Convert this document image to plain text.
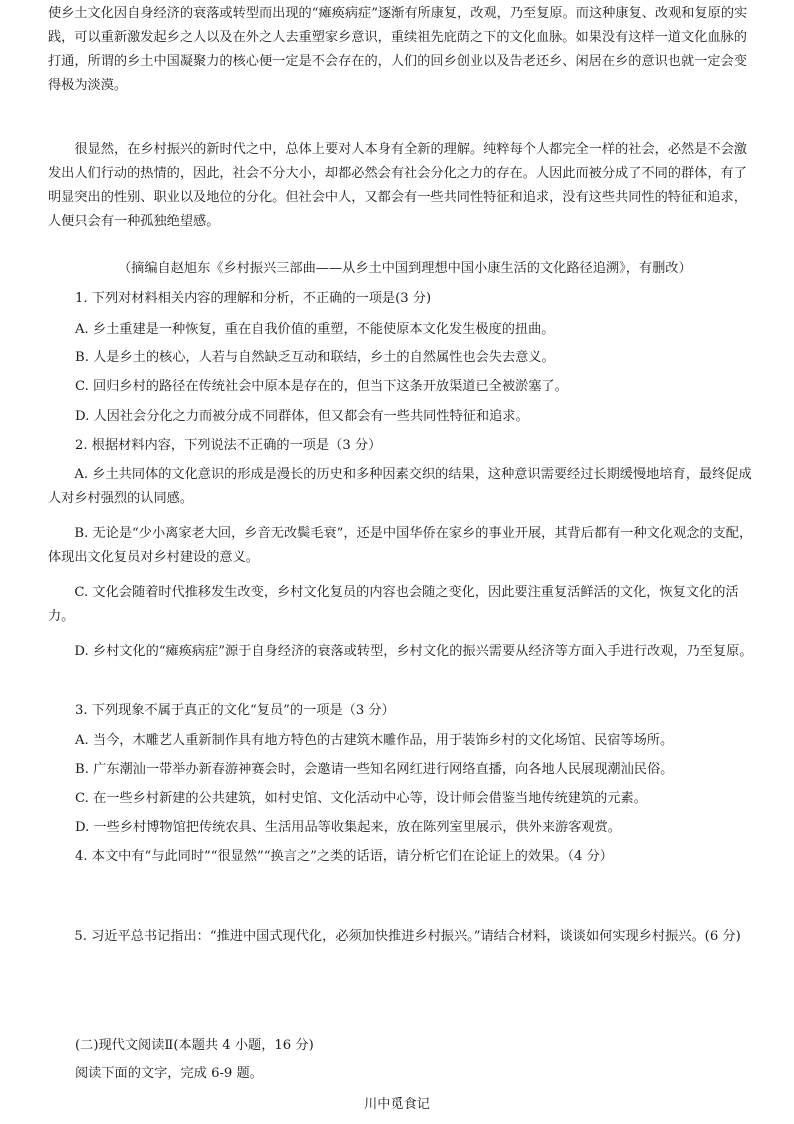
使乡土文化因自身经济的衰落或转型而出现的“瘫痪病症”逐渐有所康复，改观，乃至复原。而这种康复、改观和复原的实践，可以重新激发起乡之人以及在外之人去重塑家乡意识，重续祖先庇荫之下的文化血脉。如果没有这样一道文化血脉的打通，所谓的乡土中国凝聚力的核心便一定是不会存在的，人们的回乡创业以及告老还乡、闲居在乡的意识也就一定会变得极为淡漠。

很显然，在乡村振兴的新时代之中，总体上要对人本身有全新的理解。纯粹每个人都完全一样的社会，必然是不会激发出人们行动的热情的，因此，社会不分大小，却都必然会有社会分化之力的存在。人因此而被分成了不同的群体，有了明显突出的性别、职业以及地位的分化。但社会中人，又都会有一些共同性特征和追求，没有这些共同性的特征和追求，人便只会有一种孤独绝望感。

（摘编自赵旭东《乡村振兴三部曲——从乡土中国到理想中国小康生活的文化路径追溯》，有删改）

1. 下列对材料相关内容的理解和分析，不正确的一项是(3 分)

A. 乡土重建是一种恢复，重在自我价值的重塑，不能使原本文化发生极度的扭曲。

B. 人是乡土的核心，人若与自然缺乏互动和联结，乡土的自然属性也会失去意义。

C. 回归乡村的路径在传统社会中原本是存在的，但当下这条开放渠道已全被淤塞了。

D. 人因社会分化之力而被分成不同群体，但又都会有一些共同性特征和追求。

2. 根据材料内容，下列说法不正确的一项是（3 分）

A. 乡土共同体的文化意识的形成是漫长的历史和多种因素交织的结果，这种意识需要经过长期缓慢地培育，最终促成人对乡村强烈的认同感。

B. 无论是“少小离家老大回，乡音无改鬓毛衰”，还是中国华侨在家乡的事业开展，其背后都有一种文化观念的支配，体现出文化复员对乡村建设的意义。

C. 文化会随着时代推移发生改变，乡村文化复员的内容也会随之变化，因此要注重复活鲜活的文化，恢复文化的活力。

D. 乡村文化的“瘫痪病症”源于自身经济的衰落或转型，乡村文化的振兴需要从经济等方面入手进行改观，乃至复原。

3. 下列现象不属于真正的文化“复员”的一项是（3 分）

A. 当今，木雕艺人重新制作具有地方特色的古建筑木雕作品，用于装饰乡村的文化场馆、民宿等场所。

B. 广东潮汕一带举办新春游神赛会时，会邀请一些知名网红进行网络直播，向各地人民展现潮汕民俗。

C. 在一些乡村新建的公共建筑，如村史馆、文化活动中心等，设计师会借鉴当地传统建筑的元素。

D. 一些乡村博物馆把传统农具、生活用品等收集起来，放在陈列室里展示，供外来游客观赏。

4. 本文中有“与此同时”“很显然”“换言之”之类的话语，请分析它们在论证上的效果。（4 分）

5. 习近平总书记指出：“推进中国式现代化，必须加快推进乡村振兴。”请结合材料，谈谈如何实现乡村振兴。(6 分)

(二)现代文阅读Ⅱ(本题共 4 小题，16 分)

阅读下面的文字，完成 6-9 题。

川中觅食记
